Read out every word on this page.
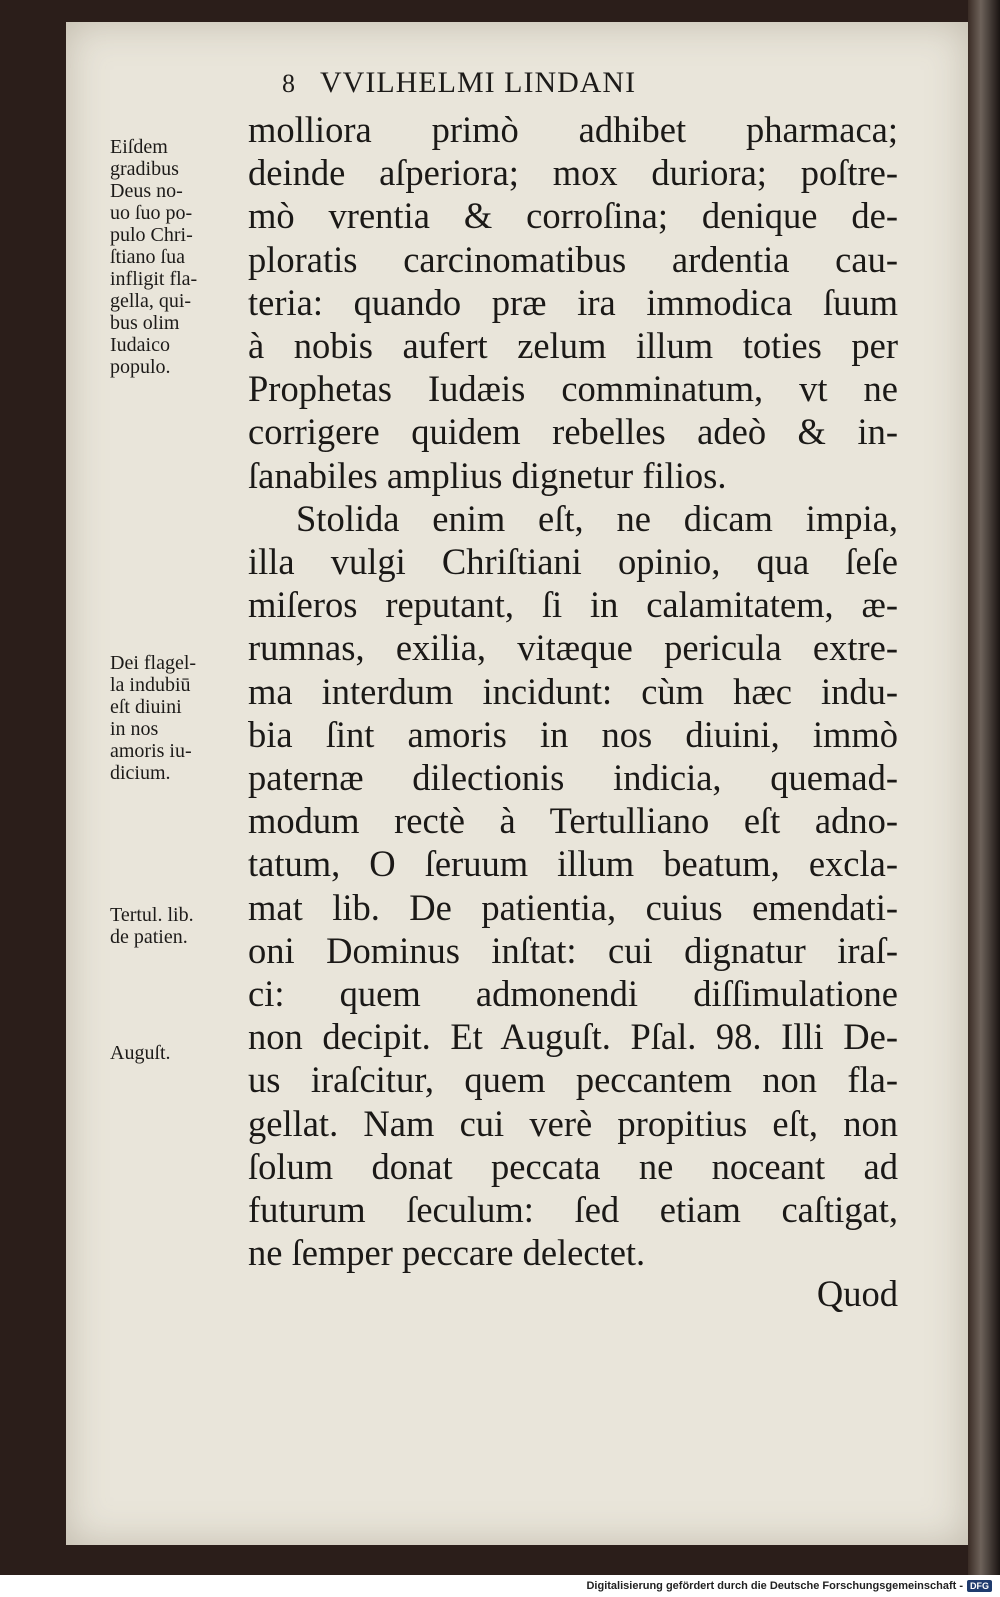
8 VVILHELMI LINDANI
molliora primò adhibet pharmaca;
deinde aſperiora; mox duriora; poſtre-
mò vrentia & corroſina; denique de-
ploratis carcinomatibus ardentia cau-
teria: quando præ ira immodica ſuum
à nobis aufert zelum illum toties per
Prophetas Iudæis comminatum, vt ne
corrigere quidem rebelles adeò & in-
ſanabiles amplius dignetur filios.
Stolida enim eſt, ne dicam impia,
illa vulgi Chriſtiani opinio, qua ſeſe
miſeros reputant, ſi in calamitatem, æ-
rumnas, exilia, vitæque pericula extre-
ma interdum incidunt: cùm hæc indu-
bia ſint amoris in nos diuini, immò
paternæ dilectionis indicia, quemad-
modum rectè à Tertulliano eſt adno-
tatum, O ſeruum illum beatum, excla-
mat lib. De patientia, cuius emendati-
oni Dominus inſtat: cui dignatur iraſ-
ci: quem admonendi diſſimulatione
non decipit. Et Auguſt. Pſal. 98. Illi De-
us iraſcitur, quem peccantem non fla-
gellat. Nam cui verè propitius eſt, non
ſolum donat peccata ne noceant ad
futurum ſeculum: ſed etiam caſtigat,
ne ſemper peccare delectet.
Quod
Eiſdem
gradibus
Deus no-
uo ſuo po-
pulo Chri-
ſtiano ſua
infligit fla-
gella, qui-
bus olim
Iudaico
populo.
Dei flagel-
la indubiū
eſt diuini
in nos
amoris iu-
dicium.
Tertul. lib.
de patien.
Auguſt.
Digitalisierung gefördert durch die Deutsche Forschungsgemeinschaft - DFG
